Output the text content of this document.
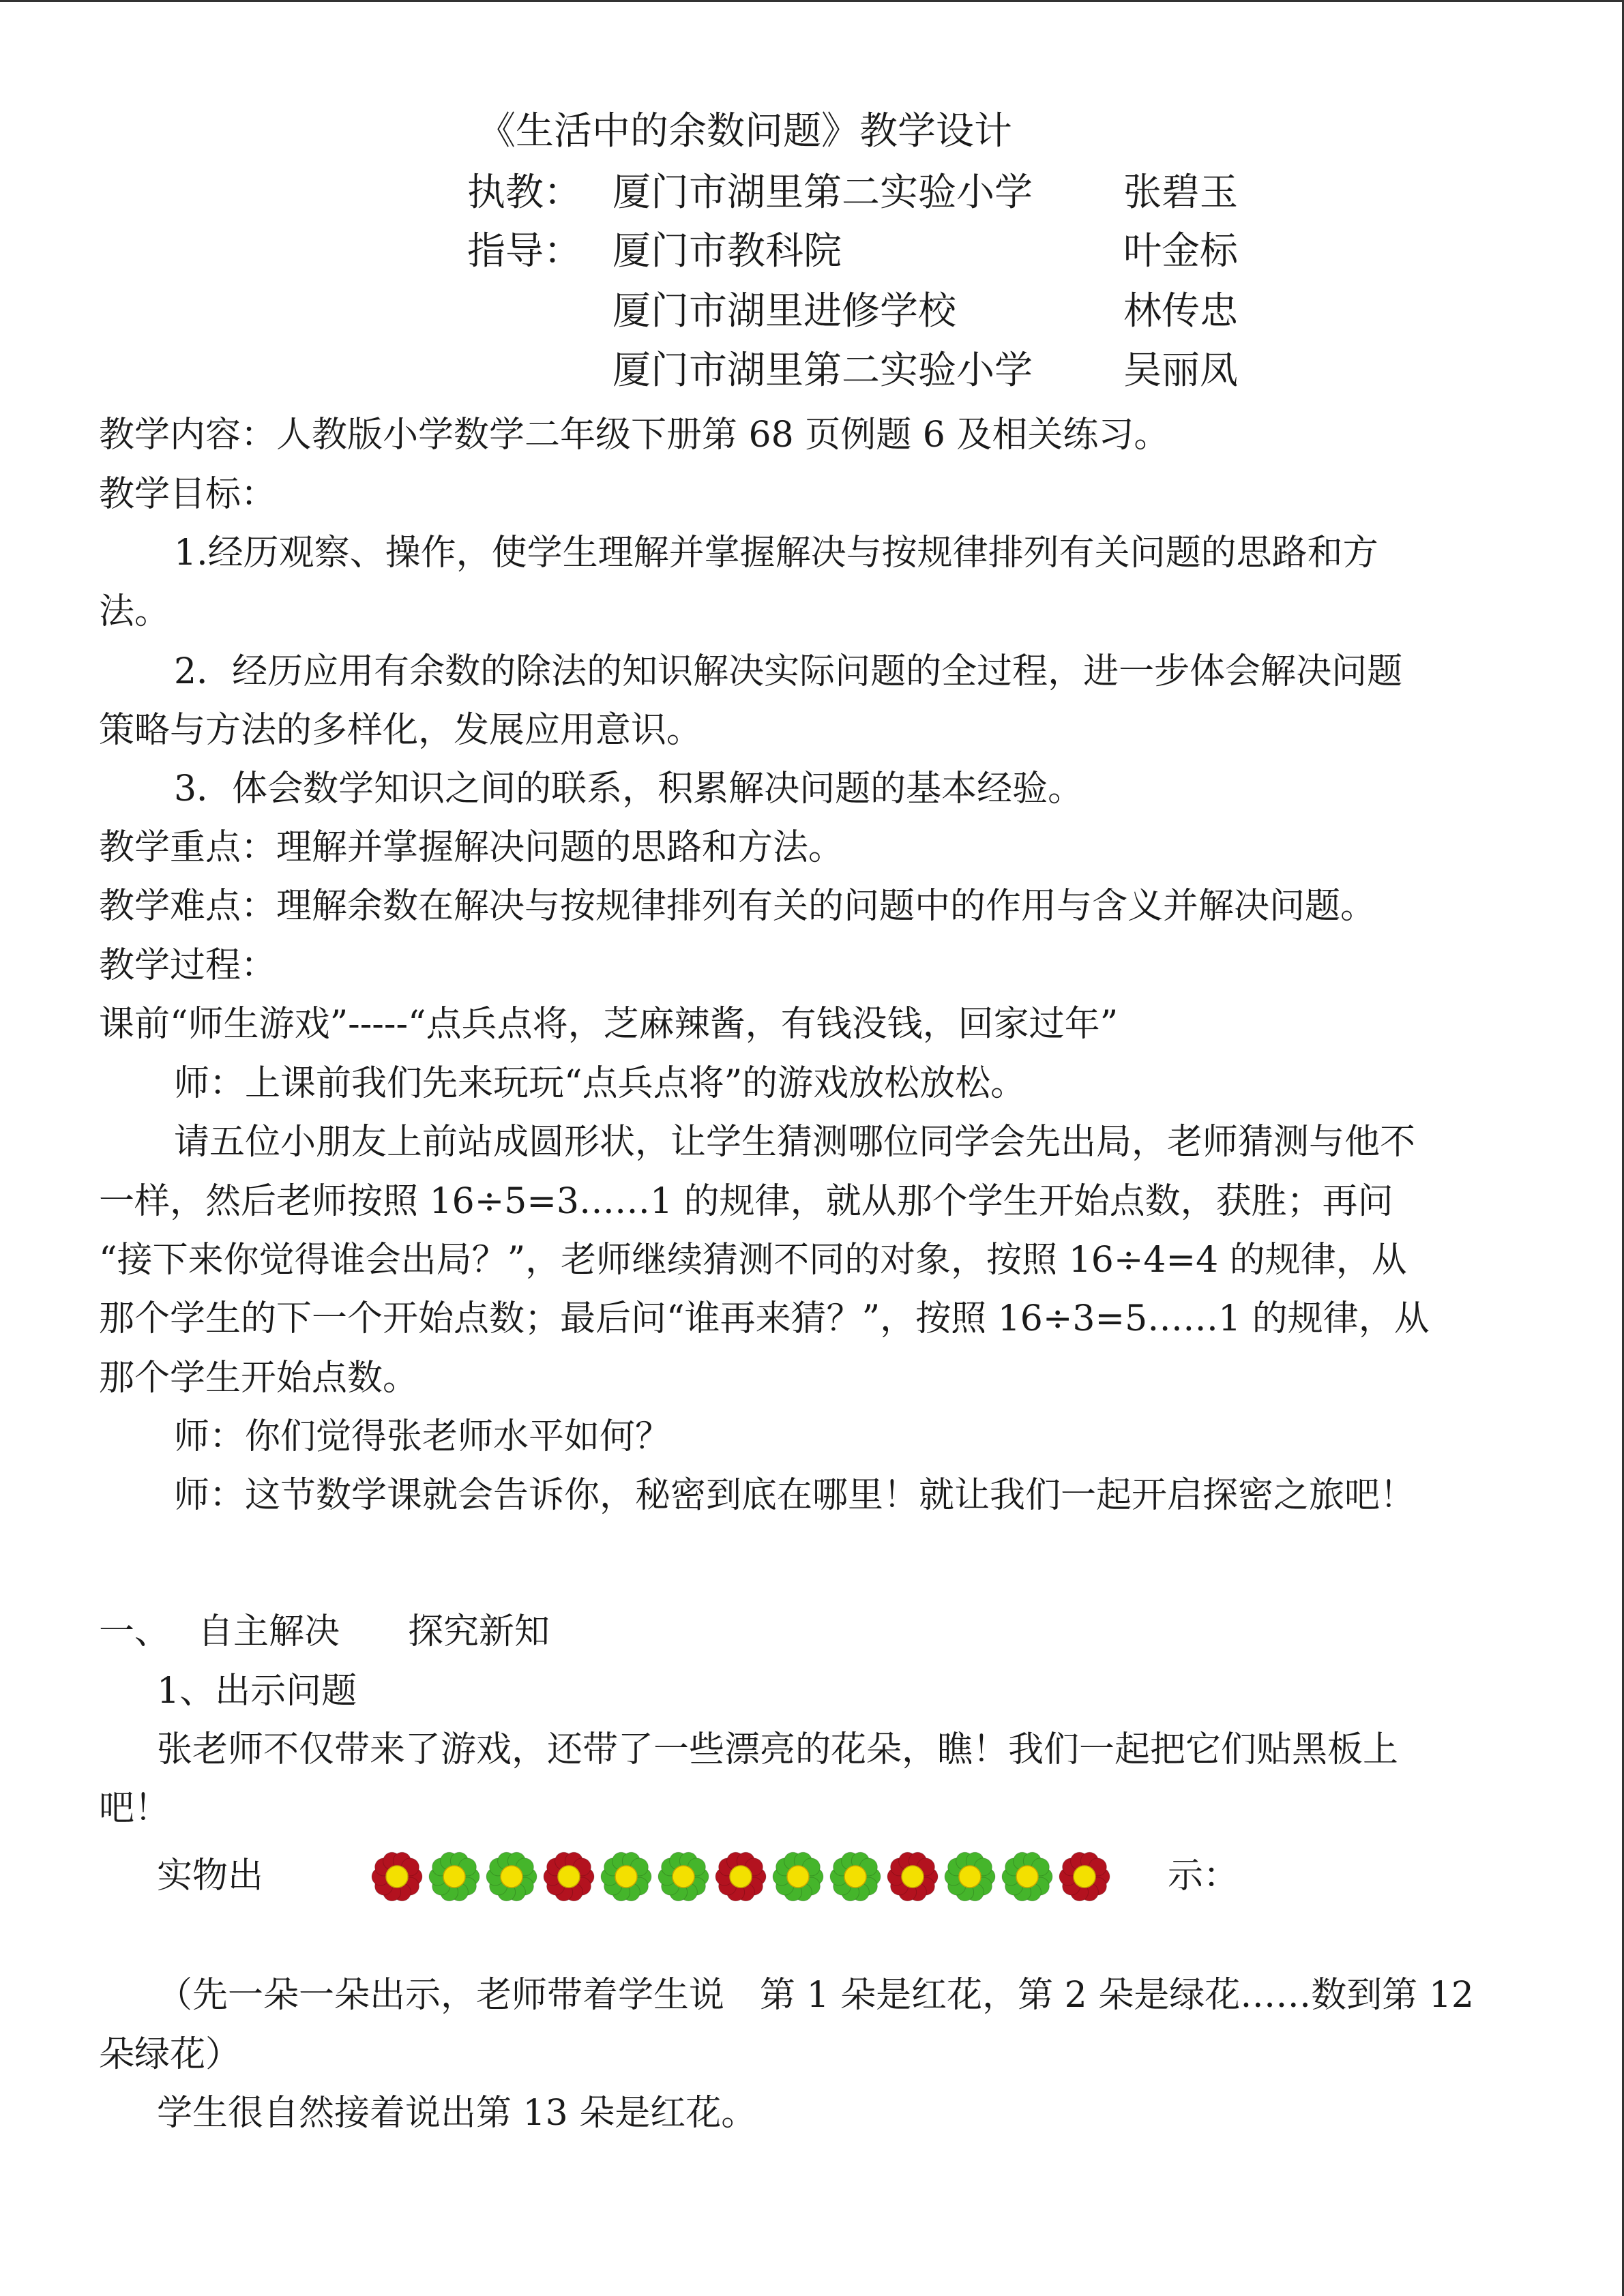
《生活中的余数问题》教学设计
执教： 厦门市湖里第二实验小学 张碧玉
指导： 厦门市教科院	叶金标
厦门市湖里进修学校	林传忠
厦门市湖里第二实验小学 吴丽凤
教学内容：人教版小学数学二年级下册第 68 页例题 6 及相关练习。
教学目标：
1.经历观察、操作，使学生理解并掌握解决与按规律排列有关问题的思路和方
法。
2．经历应用有余数的除法的知识解决实际问题的全过程，进一步体会解决问题
策略与方法的多样化，发展应用意识。
3．体会数学知识之间的联系，积累解决问题的基本经验。
教学重点：理解并掌握解决问题的思路和方法。
教学难点：理解余数在解决与按规律排列有关的问题中的作用与含义并解决问题。
教学过程：
课前“师生游戏”-----“点兵点将，芝麻辣酱，有钱没钱，回家过年”
师：上课前我们先来玩玩“点兵点将”的游戏放松放松。
请五位小朋友上前站成圆形状，让学生猜测哪位同学会先出局，老师猜测与他不
一样，然后老师按照 16÷5=3……1 的规律，就从那个学生开始点数，获胜；再问
“接下来你觉得谁会出局？”，老师继续猜测不同的对象，按照 16÷4=4 的规律，从
那个学生的下一个开始点数；最后问“谁再来猜？”，按照 16÷3=5……1 的规律，从
那个学生开始点数。
师：你们觉得张老师水平如何？
师：这节数学课就会告诉你，秘密到底在哪里！就让我们一起开启探密之旅吧！
一、 自主解决 探究新知
1、出示问题
张老师不仅带来了游戏，还带了一些漂亮的花朵，瞧！我们一起把它们贴黑板上
吧！
实物出	示：
（先一朵一朵出示，老师带着学生说　第 1 朵是红花，第 2 朵是绿花……数到第 12
朵绿花）
学生很自然接着说出第 13 朵是红花。
